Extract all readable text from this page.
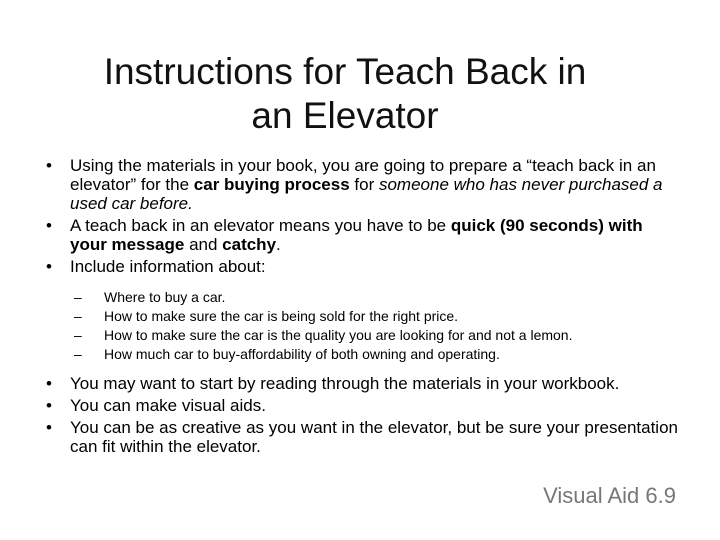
Instructions for Teach Back in
an Elevator
• Using the materials in your book, you are going to prepare a “teach back in an elevator” for the car buying process for someone who has never purchased a used car before.
• A teach back in an elevator means you have to be quick (90 seconds) with your message and catchy.
• Include information about:
– Where to buy a car.
– How to make sure the car is being sold for the right price.
– How to make sure the car is the quality you are looking for and not a lemon.
– How much car to buy-affordability of both owning and operating.
• You may want to start by reading through the materials in your workbook.
• You can make visual aids.
• You can be as creative as you want in the elevator, but be sure your presentation can fit within the elevator.
Visual Aid 6.9
